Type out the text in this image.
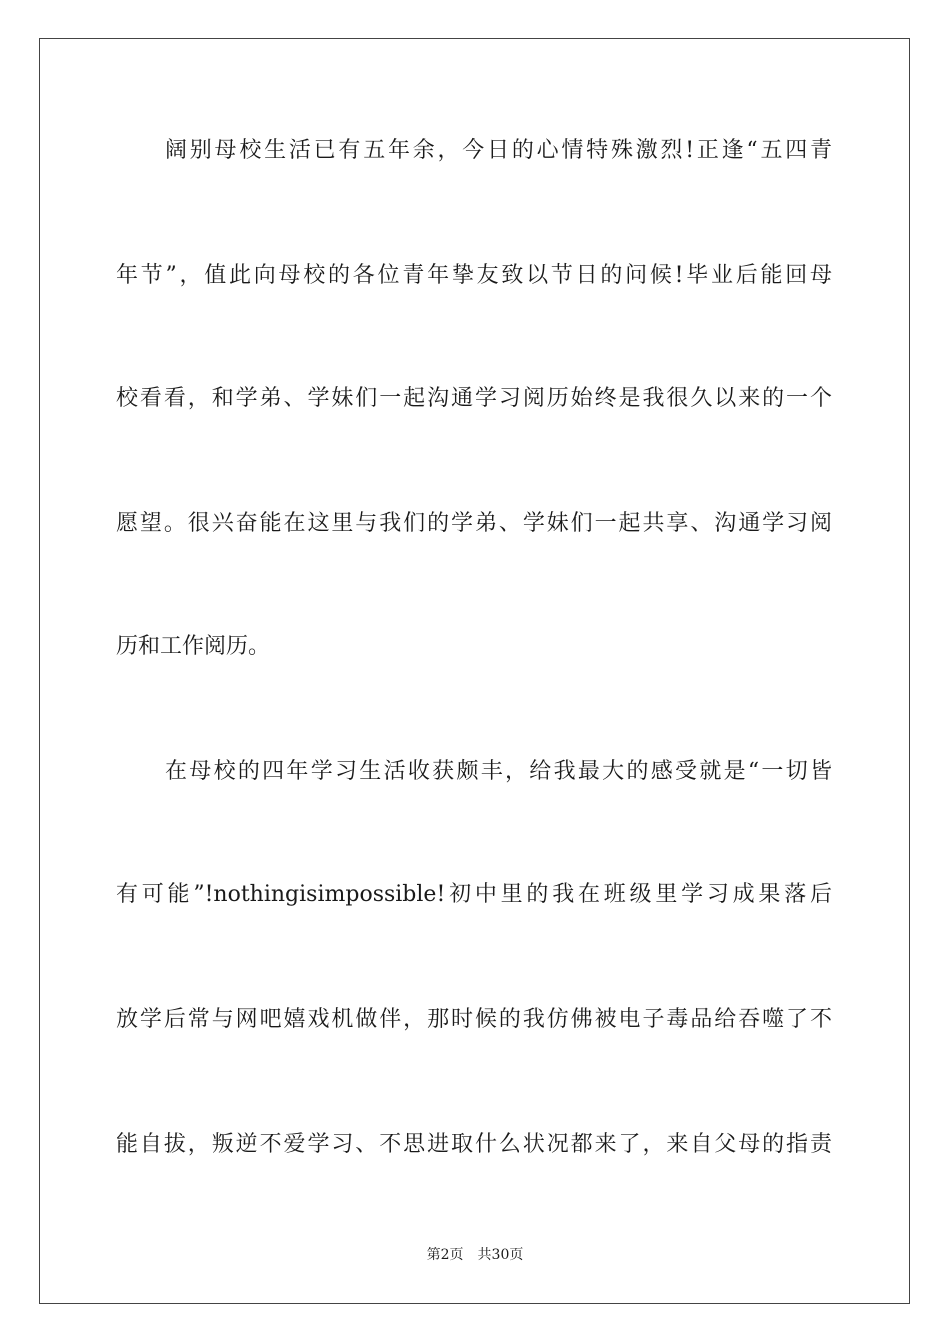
阔别母校生活已有五年余，今日的心情特殊激烈!正逢“五四青
年节”，值此向母校的各位青年挚友致以节日的问候!毕业后能回母
校看看，和学弟、学妹们一起沟通学习阅历始终是我很久以来的一个
愿望。很兴奋能在这里与我们的学弟、学妹们一起共享、沟通学习阅
历和工作阅历。
在母校的四年学习生活收获颇丰，给我最大的感受就是“一切皆
有可能”!nothingisimpossible!初中里的我在班级里学习成果落后
放学后常与网吧嬉戏机做伴，那时候的我仿佛被电子毒品给吞噬了不
能自拔，叛逆不爱学习、不思进取什么状况都来了，来自父母的指责
第2页 共30页
